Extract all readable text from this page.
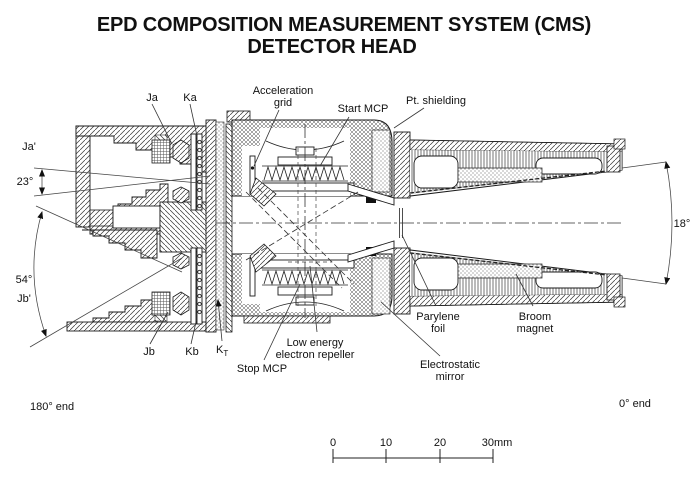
EPD COMPOSITION MEASUREMENT SYSTEM (CMS)
DETECTOR HEAD
Ja Ka
Acceleration
grid	Start MCP
Pt. shielding
Ja'
23°
54°
Jb'
Jb	Kb $K_T$
Stop MCP
Low energy
electron repeller
Electrostatic
mirror
Parylene
foil
Broom
magnet
18°
180° end	0° end
0	10	20	30mm
